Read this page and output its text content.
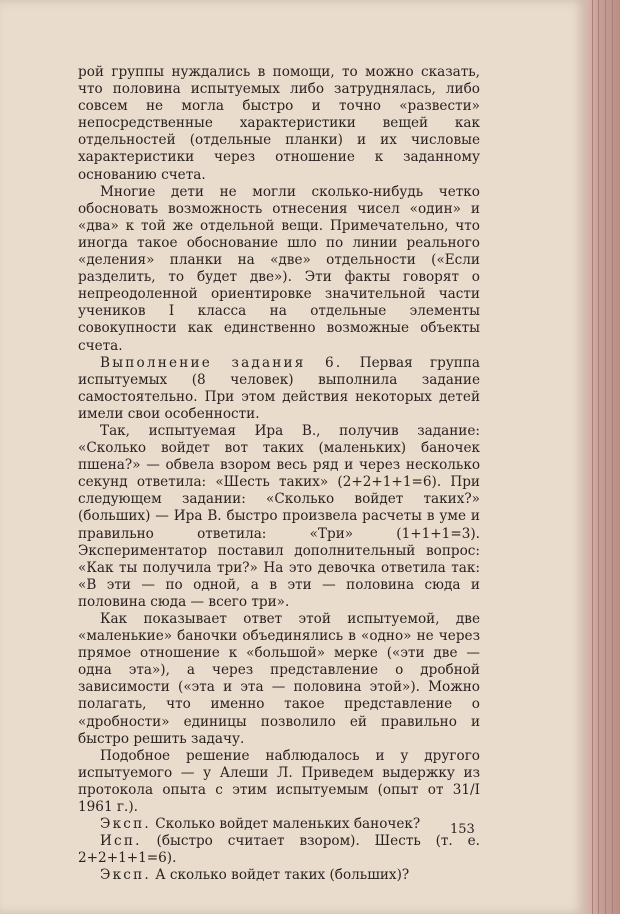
рой группы нуждались в помощи, то можно сказать, что половина испытуемых либо затруднялась, либо совсем не могла быстро и точно «развести» непосредственные характеристики вещей как отдельностей (отдельные планки) и их числовые характеристики через отношение к заданному основанию счета.

Многие дети не могли сколько-нибудь четко обосновать возможность отнесения чисел «один» и «два» к той же отдельной вещи. Примечательно, что иногда такое обоснование шло по линии реального «деления» планки на «две» отдельности («Если разделить, то будет две»). Эти факты говорят о непреодоленной ориентировке значительной части учеников I класса на отдельные элементы совокупности как единственно возможные объекты счета.

Выполнение задания 6. Первая группа испытуемых (8 человек) выполнила задание самостоятельно. При этом действия некоторых детей имели свои особенности.

Так, испытуемая Ира В., получив задание: «Сколько войдет вот таких (маленьких) баночек пшена?» — обвела взором весь ряд и через несколько секунд ответила: «Шесть таких» (2+2+1+1=6). При следующем задании: «Сколько войдет таких?» (больших) — Ира В. быстро произвела расчеты в уме и правильно ответила: «Три» (1+1+1=3). Экспериментатор поставил дополнительный вопрос: «Как ты получила три?» На это девочка ответила так: «В эти — по одной, а в эти — половина сюда и половина сюда — всего три».

Как показывает ответ этой испытуемой, две «маленькие» баночки объединялись в «одно» не через прямое отношение к «большой» мерке («эти две — одна эта»), а через представление о дробной зависимости («эта и эта — половина этой»). Можно полагать, что именно такое представление о «дробности» единицы позволило ей правильно и быстро решить задачу.

Подобное решение наблюдалось и у другого испытуемого — у Алеши Л. Приведем выдержку из протокола опыта с этим испытуемым (опыт от 31/I 1961 г.).

Эксп. Сколько войдет маленьких баночек?

Исп. (быстро считает взором). Шесть (т. е. 2+2+1+1=6).

Эксп. А сколько войдет таких (больших)?

153
